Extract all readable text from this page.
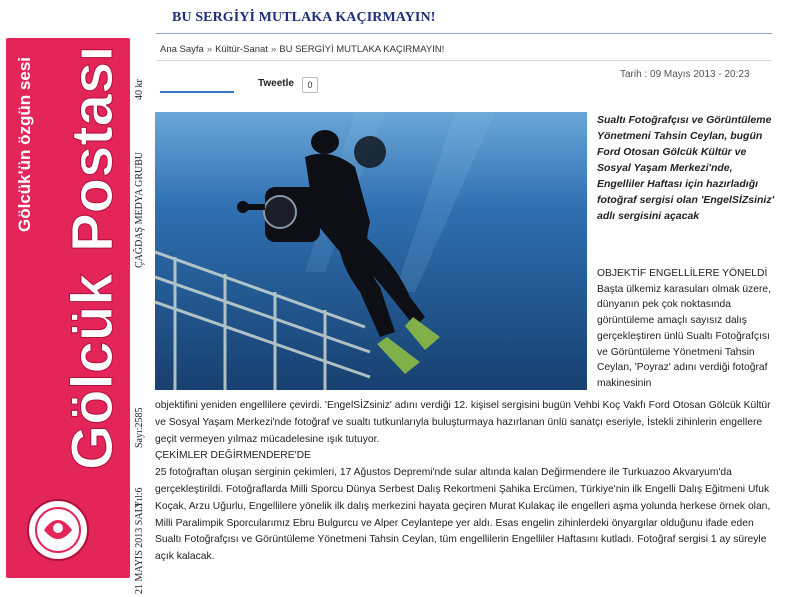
Gölcük'ün özgün sesi Postası
Gölcük
40 kr
ÇAĞDAŞ MEDYA GRUBU
Sayı:2585
Yıl:6
21 MAYIS 2013 SALI
BU SERGİYİ MUTLAKA KAÇIRMAYIN!
Ana Sayfa » Kültür-Sanat » BU SERGİYİ MUTLAKA KAÇIRMAYIN!
Tarih : 09 Mayıs 2013 - 20:23
Tweetle	0
Sualtı Fotoğrafçısı ve Görüntüleme Yönetmeni Tahsin Ceylan, bugün Ford Otosan Gölcük Kültür ve Sosyal Yaşam Merkezi'nde, Engelliler Haftası için hazırladığı fotoğraf sergisi olan 'EngelSİZsiniz' adlı sergisini açacak
OBJEKTİF ENGELLİLERE YÖNELDİ
Başta ülkemiz karasuları olmak üzere, dünyanın pek çok noktasında görüntüleme amaçlı sayısız dalış gerçekleştiren ünlü Sualtı Fotoğrafçısı ve Görüntüleme Yönetmeni Tahsin Ceylan, 'Poyraz' adını verdiği fotoğraf makinesinin

objektifini yeniden engellilere çevirdi. 'EngelSİZsiniz' adını verdiği 12. kişisel sergisini bugün Vehbi Koç Vakfı Ford Otosan Gölcük Kültür ve Sosyal Yaşam Merkezi'nde fotoğraf ve sualtı tutkunlarıyla buluşturmaya hazırlanan ünlü sanatçı eseriyle, İstekli zihinlerin engellere geçit vermeyen yılmaz mücadelesine ışık tutuyor.

ÇEKİMLER DEĞİRMENDERE'DE

25 fotoğraftan oluşan serginin çekimleri, 17 Ağustos Depremi'nde sular altında kalan Değirmendere ile Turkuazoo Akvaryum'da gerçekleştirildi. Fotoğraflarda Milli Sporcu Dünya Serbest Dalış Rekortmeni Şahika Ercümen, Türkiye'nin ilk Engelli Dalış Eğitmeni Ufuk Koçak, Arzu Uğurlu, Engellilere yönelik ilk dalış merkezini hayata geçiren Murat Kulakaç ile engelleri aşma yolunda herkese örnek olan, Milli Paralimpik Sporcularımız Ebru Bulgurcu ve Alper Ceylantepe yer aldı. Esas engelin zihinlerdeki önyargılar olduğunu ifade eden Sualtı Fotoğrafçısı ve Görüntüleme Yönetmeni Tahsin Ceylan, tüm engellilerin Engelliler Haftasını kutladı. Fotoğraf sergisi 1 ay süreyle açık kalacak.
